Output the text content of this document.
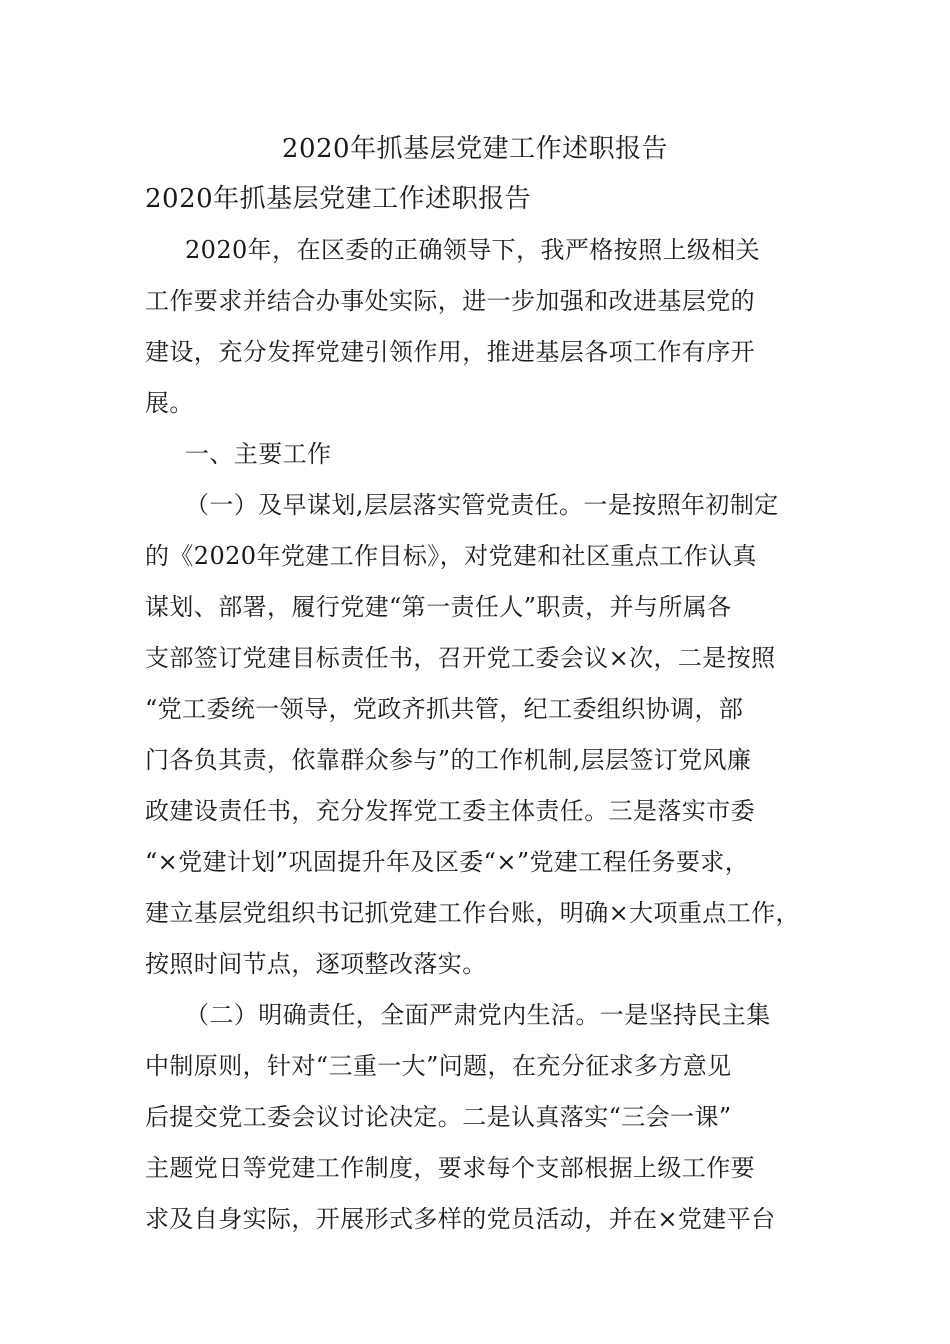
2020年抓基层党建工作述职报告
2020年抓基层党建工作述职报告
2020年，在区委的正确领导下，我严格按照上级相关
工作要求并结合办事处实际，进一步加强和改进基层党的
建设，充分发挥党建引领作用，推进基层各项工作有序开
展。
一、主要工作
（一）及早谋划,层层落实管党责任。一是按照年初制定
的《2020年党建工作目标》，对党建和社区重点工作认真
谋划、部署，履行党建“第一责任人”职责，并与所属各
支部签订党建目标责任书，召开党工委会议×次，二是按照
“党工委统一领导，党政齐抓共管，纪工委组织协调，部
门各负其责，依靠群众参与”的工作机制,层层签订党风廉
政建设责任书，充分发挥党工委主体责任。三是落实市委
“×党建计划”巩固提升年及区委“×”党建工程任务要求，
建立基层党组织书记抓党建工作台账，明确×大项重点工作，
按照时间节点，逐项整改落实。
（二）明确责任，全面严肃党内生活。一是坚持民主集
中制原则，针对“三重一大”问题，在充分征求多方意见
后提交党工委会议讨论决定。二是认真落实“三会一课”
主题党日等党建工作制度，要求每个支部根据上级工作要
求及自身实际，开展形式多样的党员活动，并在×党建平台
